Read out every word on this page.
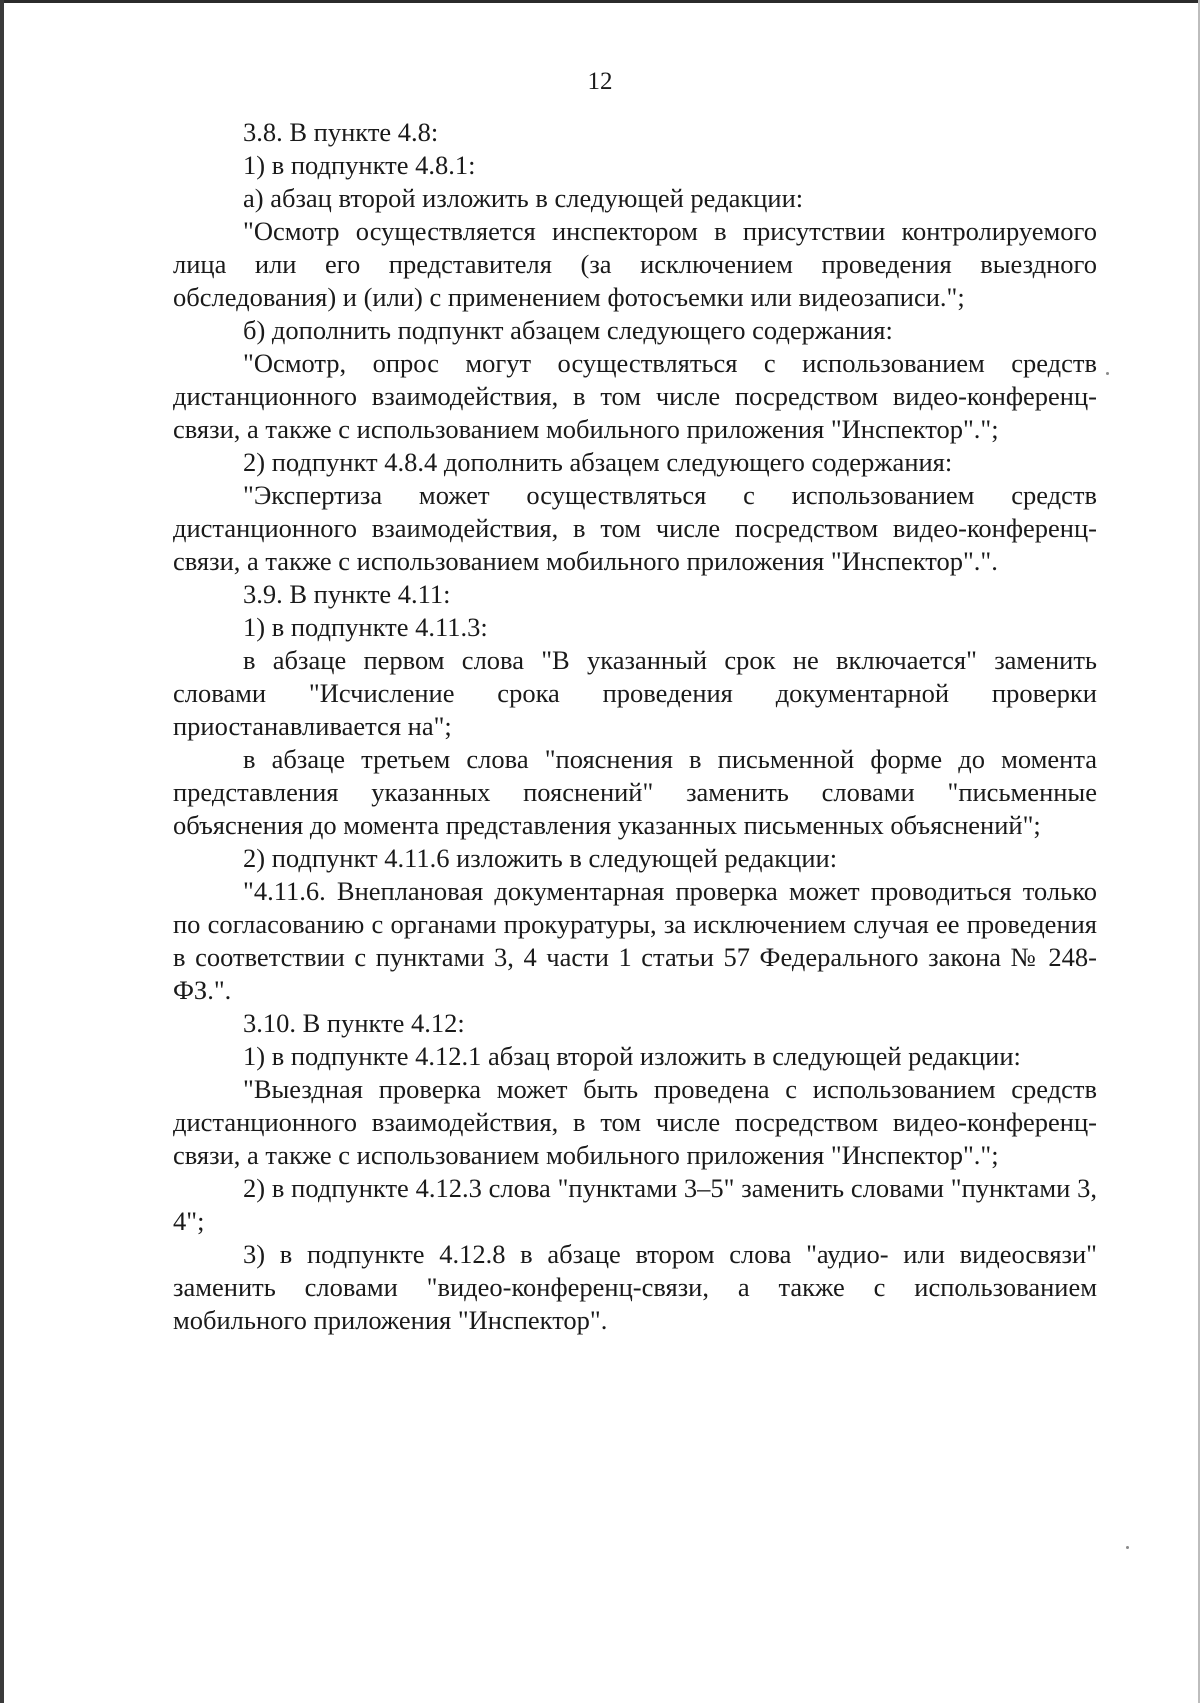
12

3.8. В пункте 4.8:

1) в подпункте 4.8.1:

а) абзац второй изложить в следующей редакции:

"Осмотр осуществляется инспектором в присутствии контролируемого лица или его представителя (за исключением проведения выездного обследования) и (или) с применением фотосъемки или видеозаписи.";

б) дополнить подпункт абзацем следующего содержания:

"Осмотр, опрос могут осуществляться с использованием средств дистанционного взаимодействия, в том числе посредством видео-конференц-связи, а также с использованием мобильного приложения "Инспектор".";

2) подпункт 4.8.4 дополнить абзацем следующего содержания:

"Экспертиза может осуществляться с использованием средств дистанционного взаимодействия, в том числе посредством видео-конференц-связи, а также с использованием мобильного приложения "Инспектор".".

3.9. В пункте 4.11:

1) в подпункте 4.11.3:

в абзаце первом слова "В указанный срок не включается" заменить словами "Исчисление срока проведения документарной проверки приостанавливается на";

в абзаце третьем слова "пояснения в письменной форме до момента представления указанных пояснений" заменить словами "письменные объяснения до момента представления указанных письменных объяснений";

2) подпункт 4.11.6 изложить в следующей редакции:

"4.11.6. Внеплановая документарная проверка может проводиться только по согласованию с органами прокуратуры, за исключением случая ее проведения в соответствии с пунктами 3, 4 части 1 статьи 57 Федерального закона № 248-ФЗ.".

3.10. В пункте 4.12:

1) в подпункте 4.12.1 абзац второй изложить в следующей редакции:

"Выездная проверка может быть проведена с использованием средств дистанционного взаимодействия, в том числе посредством видео-конференц-связи, а также с использованием мобильного приложения "Инспектор".";

2) в подпункте 4.12.3 слова "пунктами 3–5" заменить словами "пунктами 3, 4";

3) в подпункте 4.12.8 в абзаце втором слова "аудио- или видеосвязи" заменить словами "видео-конференц-связи, а также с использованием мобильного приложения "Инспектор".
